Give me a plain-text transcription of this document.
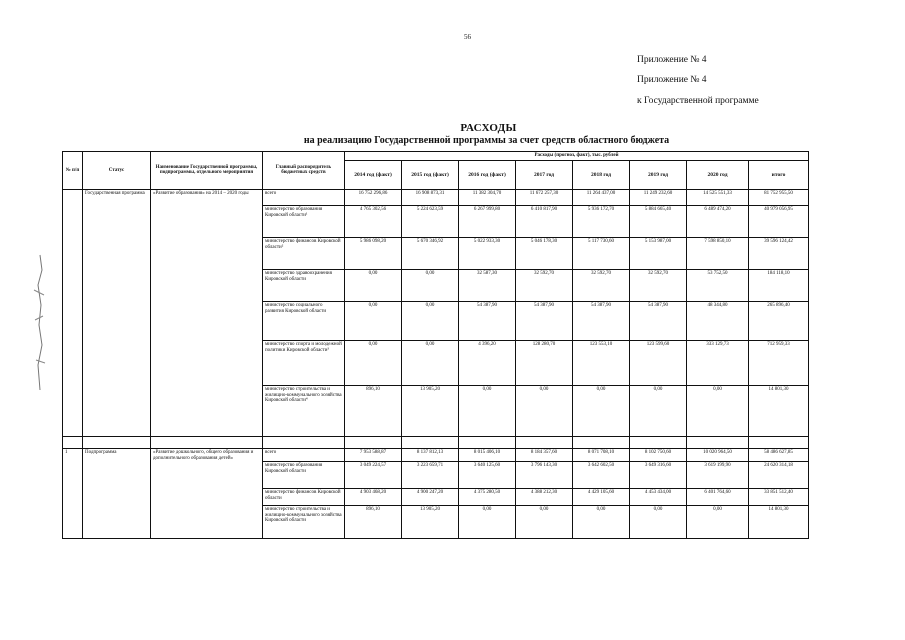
56
Приложение № 4
Приложение № 4
к Государственной программе
РАСХОДЫ
на реализацию Государственной программы за счет средств областного бюджета
№ п/п	Статус	Наименование Государственной программы, подпрограммы, отдельного мероприятия	Главный распорядитель бюджетных средств	Расходы (прогноз, факт), тыс. рублей							
				2014 год (факт)	2015 год (факт)	2016 год (факт)	2017 год	2018 год	2019 год	2020 год	итого
	Государственная программа	«Развитие образования» на 2014 – 2020 годы	всего	16 752 296,86	16 908 873,31	11 382 304,70	11 672 257,30	11 264 437,00	11 249 232,60	14 525 551,33	81 752 955,50
			министерство образования Кировской области¹	4 765 302,56	5 224 623,59	6 267 999,80	6 410 817,90	5 936 172,70	5 884 665,40	6 489 474,20	40 979 056,95
			министерство финансов Кировской области²	5 986 098,20	5 670 346,92	5 022 933,30	5 046 178,30	5 117 730,60	5 153 987,00	7 598 850,10	39 596 124,42
			министерство здравоохранения Кировской области	0,00	0,00	32 587,30	32 592,70	32 592,70	32 592,70	53 752,50	184 118,10
			министерство социального развития Кировской области	0,00	0,00	54 387,90	54 387,90	54 387,90	54 387,90	48 344,80	265 896,40
			министерство спорта и молодежной политики Кировской области³	0,00	0,00	4 396,20	128 280,70	123 553,10	123 599,60	333 129,73	712 959,33
			министерство строительства и жилищно-коммунального хозяйства Кировской области⁴	896,10	13 905,20	0,00	0,00	0,00	0,00	0,00	14 801,30

1	Подпрограмма	«Развитие дошкольного, общего образования и дополнительного образования детей»	всего	7 953 588,87	8 137 812,13	8 015 406,10	8 184 357,60	8 071 708,10	8 102 750,60	10 020 964,50	58 486 627,85
			министерство образования Кировской области	3 049 224,57	3 223 659,71	3 640 125,60	3 796 143,30	3 642 602,50	3 649 316,60	3 619 199,90	24 620 314,18
			министерство финансов Кировской области	4 903 468,20	4 900 247,20	4 375 280,50	4 388 212,30	4 429 105,60	4 453 434,00	6 401 764,60	33 851 512,40
			министерство строительства и жилищно-коммунального хозяйства Кировской области	896,10	13 905,20	0,00	0,00	0,00	0,00	0,00	14 801,30
